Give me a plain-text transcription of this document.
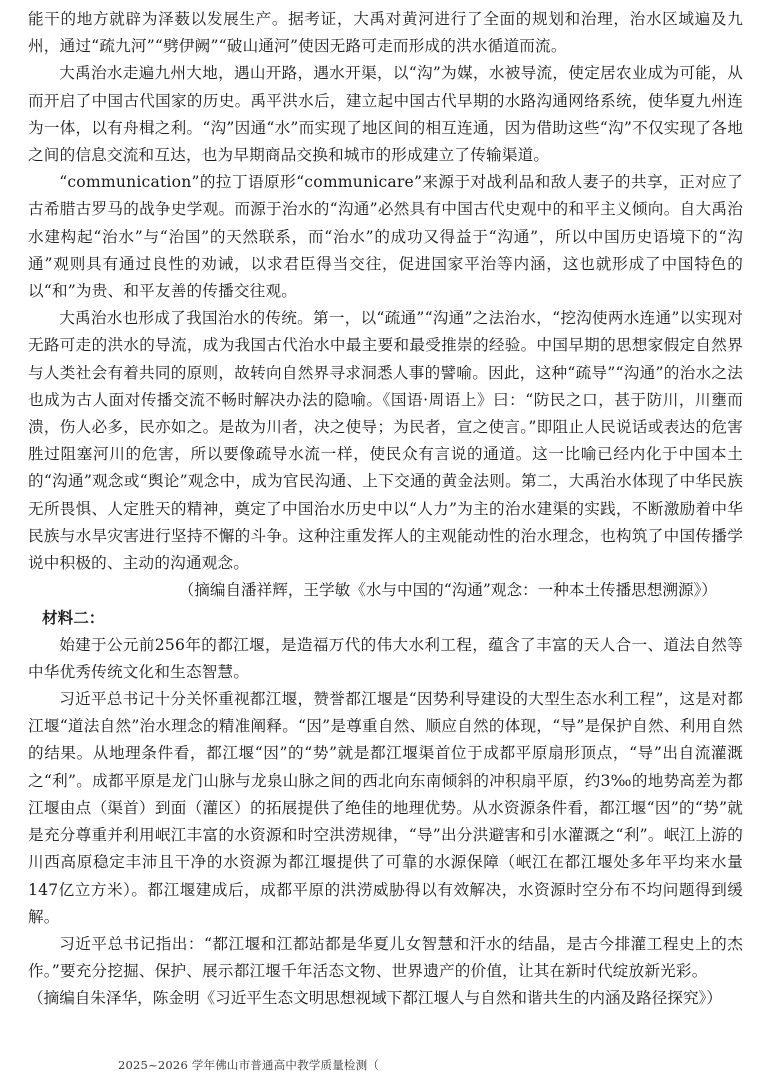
能干的地方就辟为泽薮以发展生产。据考证，大禹对黄河进行了全面的规划和治理，治水区域遍及九州，通过“疏九河”“劈伊阙”“破山通河”使因无路可走而形成的洪水循道而流。

大禹治水走遍九州大地，遇山开路，遇水开渠，以“沟”为媒，水被导流，使定居农业成为可能，从而开启了中国古代国家的历史。禹平洪水后，建立起中国古代早期的水路沟通网络系统，使华夏九州连为一体，以有舟楫之利。“沟”因通“水”而实现了地区间的相互连通，因为借助这些“沟”不仅实现了各地之间的信息交流和互达，也为早期商品交换和城市的形成建立了传输渠道。

“communication”的拉丁语原形“communicare”来源于对战利品和敌人妻子的共享，正对应了古希腊古罗马的战争史学观。而源于治水的“沟通”必然具有中国古代史观中的和平主义倾向。自大禹治水建构起“治水”与“治国”的天然联系，而“治水”的成功又得益于“沟通”，所以中国历史语境下的“沟通”观则具有通过良性的劝诫，以求君臣得当交往，促进国家平治等内涵，这也就形成了中国特色的以“和”为贵、和平友善的传播交往观。

大禹治水也形成了我国治水的传统。第一，以“疏通”“沟通”之法治水，“挖沟使两水连通”以实现对无路可走的洪水的导流，成为我国古代治水中最主要和最受推崇的经验。中国早期的思想家假定自然界与人类社会有着共同的原则，故转向自然界寻求洞悉人事的譬喻。因此，这种“疏导”“沟通”的治水之法也成为古人面对传播交流不畅时解决办法的隐喻。《国语·周语上》曰：“防民之口，甚于防川，川壅而溃，伤人必多，民亦如之。是故为川者，决之使导；为民者，宣之使言。”即阻止人民说话或表达的危害胜过阻塞河川的危害，所以要像疏导水流一样，使民众有言说的通道。这一比喻已经内化于中国本土的“沟通”观念或“舆论”观念中，成为官民沟通、上下交通的黄金法则。第二，大禹治水体现了中华民族无所畏惧、人定胜天的精神，奠定了中国治水历史中以“人力”为主的治水建渠的实践，不断激励着中华民族与水旱灾害进行坚持不懈的斗争。这种注重发挥人的主观能动性的治水理念，也构筑了中国传播学说中积极的、主动的沟通观念。

（摘编自潘祥辉，王学敏《水与中国的“沟通”观念：一种本土传播思想溯源》）

材料二：

始建于公元前256年的都江堰，是造福万代的伟大水利工程，蕴含了丰富的天人合一、道法自然等中华优秀传统文化和生态智慧。

习近平总书记十分关怀重视都江堰，赞誉都江堰是“因势利导建设的大型生态水利工程”，这是对都江堰“道法自然”治水理念的精准阐释。“因”是尊重自然、顺应自然的体现，“导”是保护自然、利用自然的结果。从地理条件看，都江堰“因”的“势”就是都江堰渠首位于成都平原扇形顶点，“导”出自流灌溉之“利”。成都平原是龙门山脉与龙泉山脉之间的西北向东南倾斜的冲积扇平原，约3‰的地势高差为都江堰由点（渠首）到面（灌区）的拓展提供了绝佳的地理优势。从水资源条件看，都江堰“因”的“势”就是充分尊重并利用岷江丰富的水资源和时空洪涝规律，“导”出分洪避害和引水灌溉之“利”。岷江上游的川西高原稳定丰沛且干净的水资源为都江堰提供了可靠的水源保障（岷江在都江堰处多年平均来水量147亿立方米）。都江堰建成后，成都平原的洪涝威胁得以有效解决，水资源时空分布不均问题得到缓解。

习近平总书记指出：“都江堰和江都站都是华夏儿女智慧和汗水的结晶，是古今排灌工程史上的杰作。”要充分挖掘、保护、展示都江堰千年活态文物、世界遗产的价值，让其在新时代绽放新光彩。

（摘编自朱泽华，陈金明《习近平生态文明思想视域下都江堰人与自然和谐共生的内涵及路径探究》）

2025~2026 学年佛山市普通高中教学质量检测（
